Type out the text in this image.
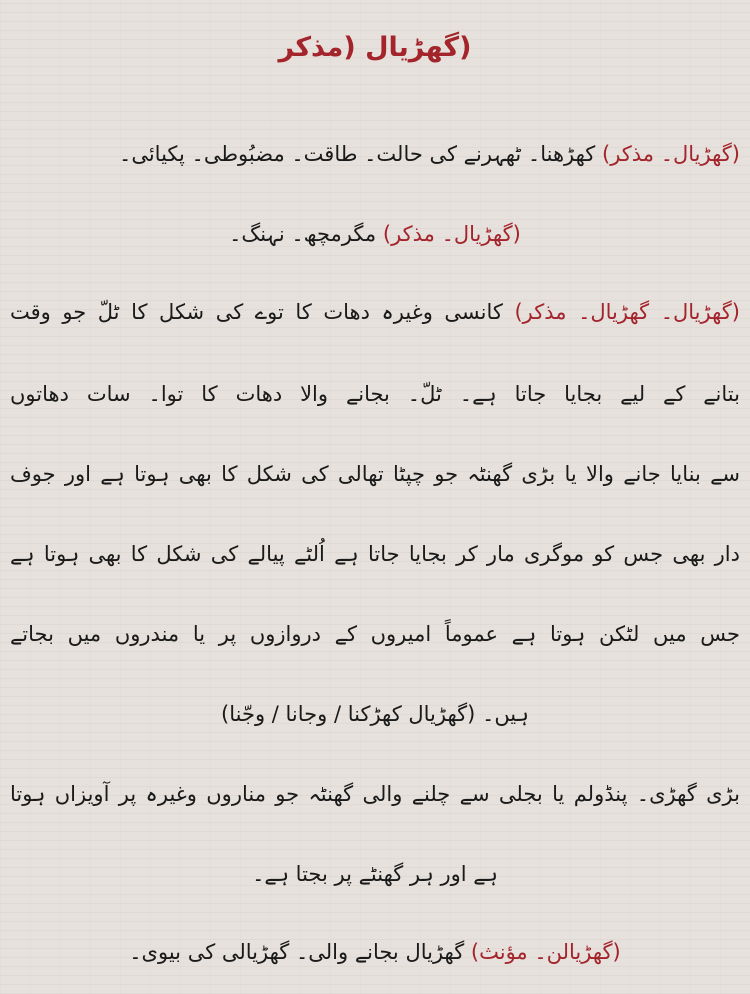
(گھڑیال (مذکر
(گھڑیال۔ مذکر) کھڑھنا۔ ٹھہرنے کی حالت۔ طاقت۔ مضبُوطی۔ پکیائی۔
(گھڑیال۔ مذکر) مگرمچھ۔ نہنگ۔
(گھڑیال۔ گھڑیال۔ مذکر) کانسی وغیرہ دھات کا توے کی شکل کا ٹلّ جو وقت
بتانے کے لیے بجایا جاتا ہے۔ ٹلّ۔ بجانے والا دھات کا توا۔ سات دھاتوں
سے بنایا جانے والا یا بڑی گھنٹہ جو چپٹا تھالی کی شکل کا بھی ہوتا ہے اور جوف
دار بھی جس کو موگری مار کر بجایا جاتا ہے اُلٹے پیالے کی شکل کا بھی ہوتا ہے
جس میں لٹکن ہوتا ہے عموماً امیروں کے دروازوں پر یا مندروں میں بجاتے
ہیں۔ (گھڑیال کھڑکنا / وجانا / وجّنا)
بڑی گھڑی۔ پنڈولم یا بجلی سے چلنے والی گھنٹہ جو مناروں وغیرہ پر آویزاں ہوتا
ہے اور ہر گھنٹے پر بجتا ہے۔
(گھڑیالن۔ مؤنث) گھڑیال بجانے والی۔ گھڑیالی کی بیوی۔
